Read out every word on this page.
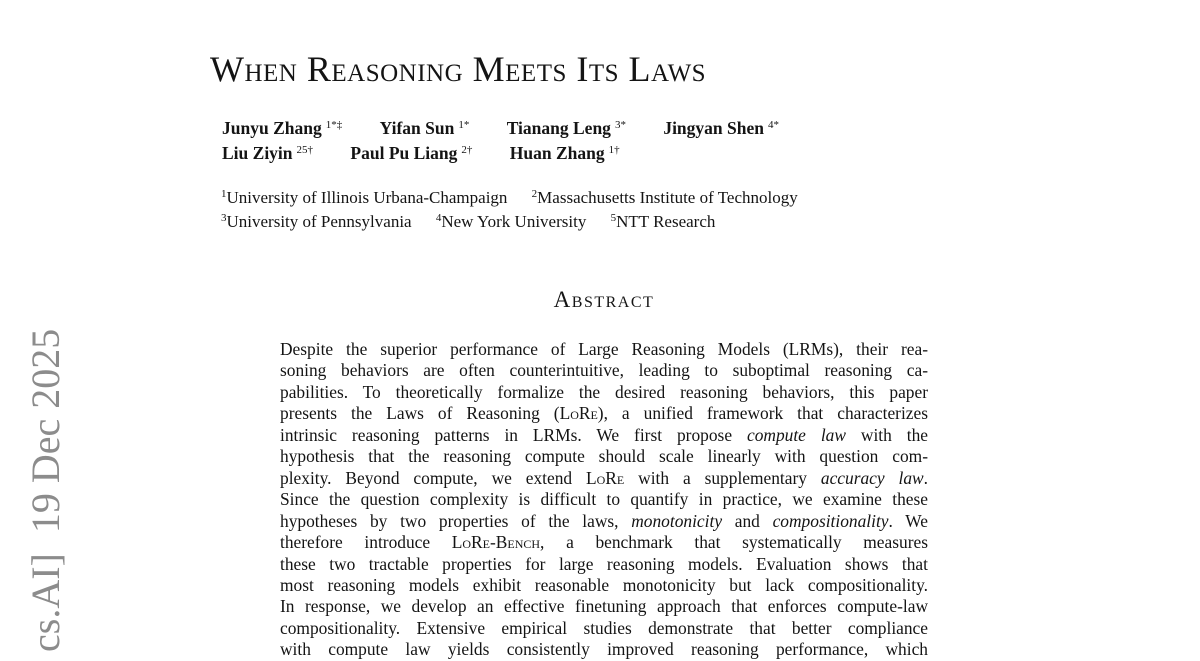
cs.AI]  19 Dec 2025
When Reasoning Meets Its Laws
Junyu Zhang $^{1*\ddagger}$ Yifan Sun $^{1*}$ Tianang Leng $^{3*}$ Jingyan Shen $^{4*}$
Liu Ziyin $^{25\dagger}$ Paul Pu Liang $^{2\dagger}$ Huan Zhang $^{1\dagger}$
$^1$University of Illinois Urbana-Champaign $^2$Massachusetts Institute of Technology
$^3$University of Pennsylvania $^4$New York University $^5$NTT Research
Abstract
Despite the superior performance of Large Reasoning Models (LRMs), their rea-
soning behaviors are often counterintuitive, leading to suboptimal reasoning ca-
pabilities. To theoretically formalize the desired reasoning behaviors, this paper
presents the Laws of Reasoning (LoRe), a unified framework that characterizes
intrinsic reasoning patterns in LRMs. We first propose compute law with the
hypothesis that the reasoning compute should scale linearly with question com-
plexity. Beyond compute, we extend LoRe with a supplementary accuracy law.
Since the question complexity is difficult to quantify in practice, we examine these
hypotheses by two properties of the laws, monotonicity and compositionality. We
therefore introduce LoRe-Bench, a benchmark that systematically measures
these two tractable properties for large reasoning models. Evaluation shows that
most reasoning models exhibit reasonable monotonicity but lack compositionality.
In response, we develop an effective finetuning approach that enforces compute-law
compositionality. Extensive empirical studies demonstrate that better compliance
with compute law yields consistently improved reasoning performance, which
